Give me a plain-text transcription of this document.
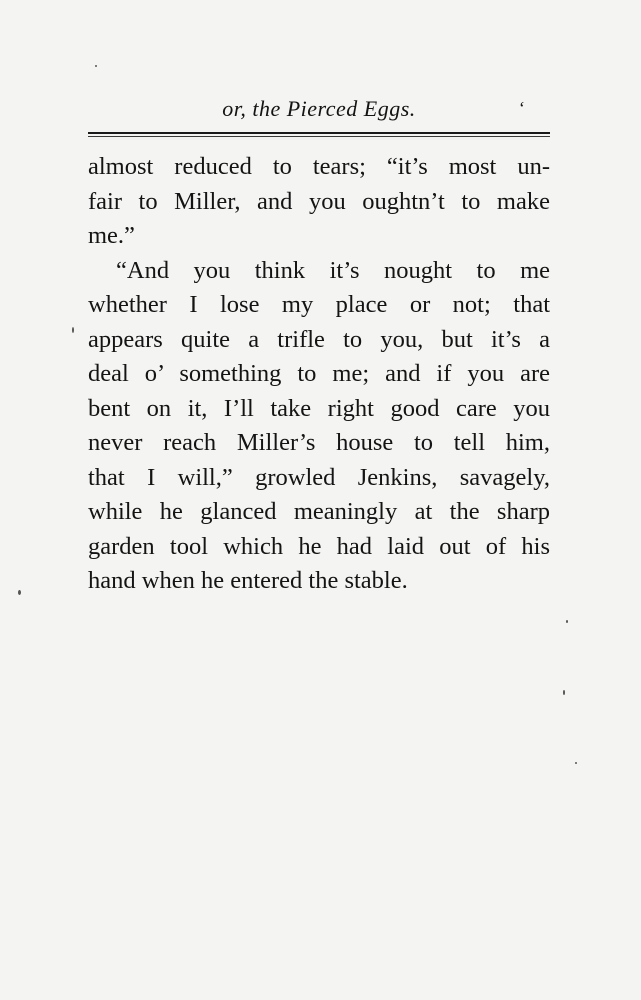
or, the Pierced Eggs.	‘
almost reduced to tears; “it’s most un-
fair to Miller, and you oughtn’t to make
me.”
“And you think it’s nought to me
whether I lose my place or not; that
appears quite a trifle to you, but it’s a
deal o’ something to me; and if you are
bent on it, I’ll take right good care you
never reach Miller’s house to tell him,
that I will,” growled Jenkins, savagely,
while he glanced meaningly at the sharp
garden tool which he had laid out of his
hand when he entered the stable.
